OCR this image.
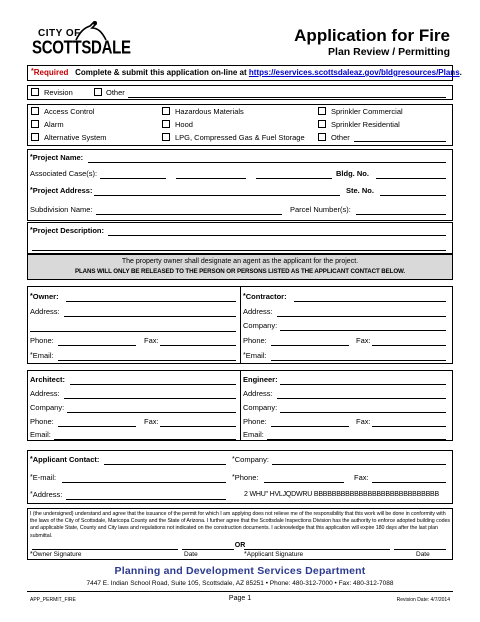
CITY OF
SCOTTSDALE
Application for Fire
Plan Review / Permitting
*Required Complete & submit this application on-line at https://eservices.scottsdaleaz.gov/bldgresources/Plans.
Revision	Other
Access Control
Alarm
Alternative System
Hazardous Materials
Hood
LPG, Compressed Gas & Fuel Storage
Sprinkler Commercial
Sprinkler Residential
Other
*Project Name:
Associated Case(s):	Bldg. No.
*Project Address:	Ste. No.
Subdivision Name:	Parcel Number(s):
*Project Description:
The property owner shall designate an agent as the applicant for the project.
PLANS WILL ONLY BE RELEASED TO THE PERSON OR PERSONS LISTED AS THE APPLICANT CONTACT BELOW.
*Owner:
Address:
Phone:	Fax:
*Email:
*Contractor:
Address:
Company:
Phone:	Fax:
*Email:
Architect:
Address:
Company:
Phone:	Fax:
Email:
Engineer:
Address:
Company:
Phone:	Fax:
Email:
*Applicant Contact:	*Company:
*E-mail:	*Phone:	Fax:
*Address:	2 WHU" HVLJQDWRU BBBBBBBBBBBBBBBBBBBBBBBBBBBB
I (the undersigned) understand and agree that the issuance of the permit for which I am applying does not relieve me of the responsibility that this work will be done in conformity with the laws of the City of Scottsdale, Maricopa County and the State of Arizona. I further agree that the Scottsdale Inspections Division has the authority to enforce adopted building codes and applicable State, County and City laws and regulations not indicated on the construction documents. I acknowledge that this application will expire 180 days after the last plan submittal.
OR
*Owner Signature	Date	*Applicant Signature	Date
Planning and Development Services Department
7447 E. Indian School Road, Suite 105, Scottsdale, AZ 85251 • Phone: 480-312-7000 • Fax: 480-312-7088
APP_PERMIT_FIRE	Page 1	Revision Date: 4/7/2014
